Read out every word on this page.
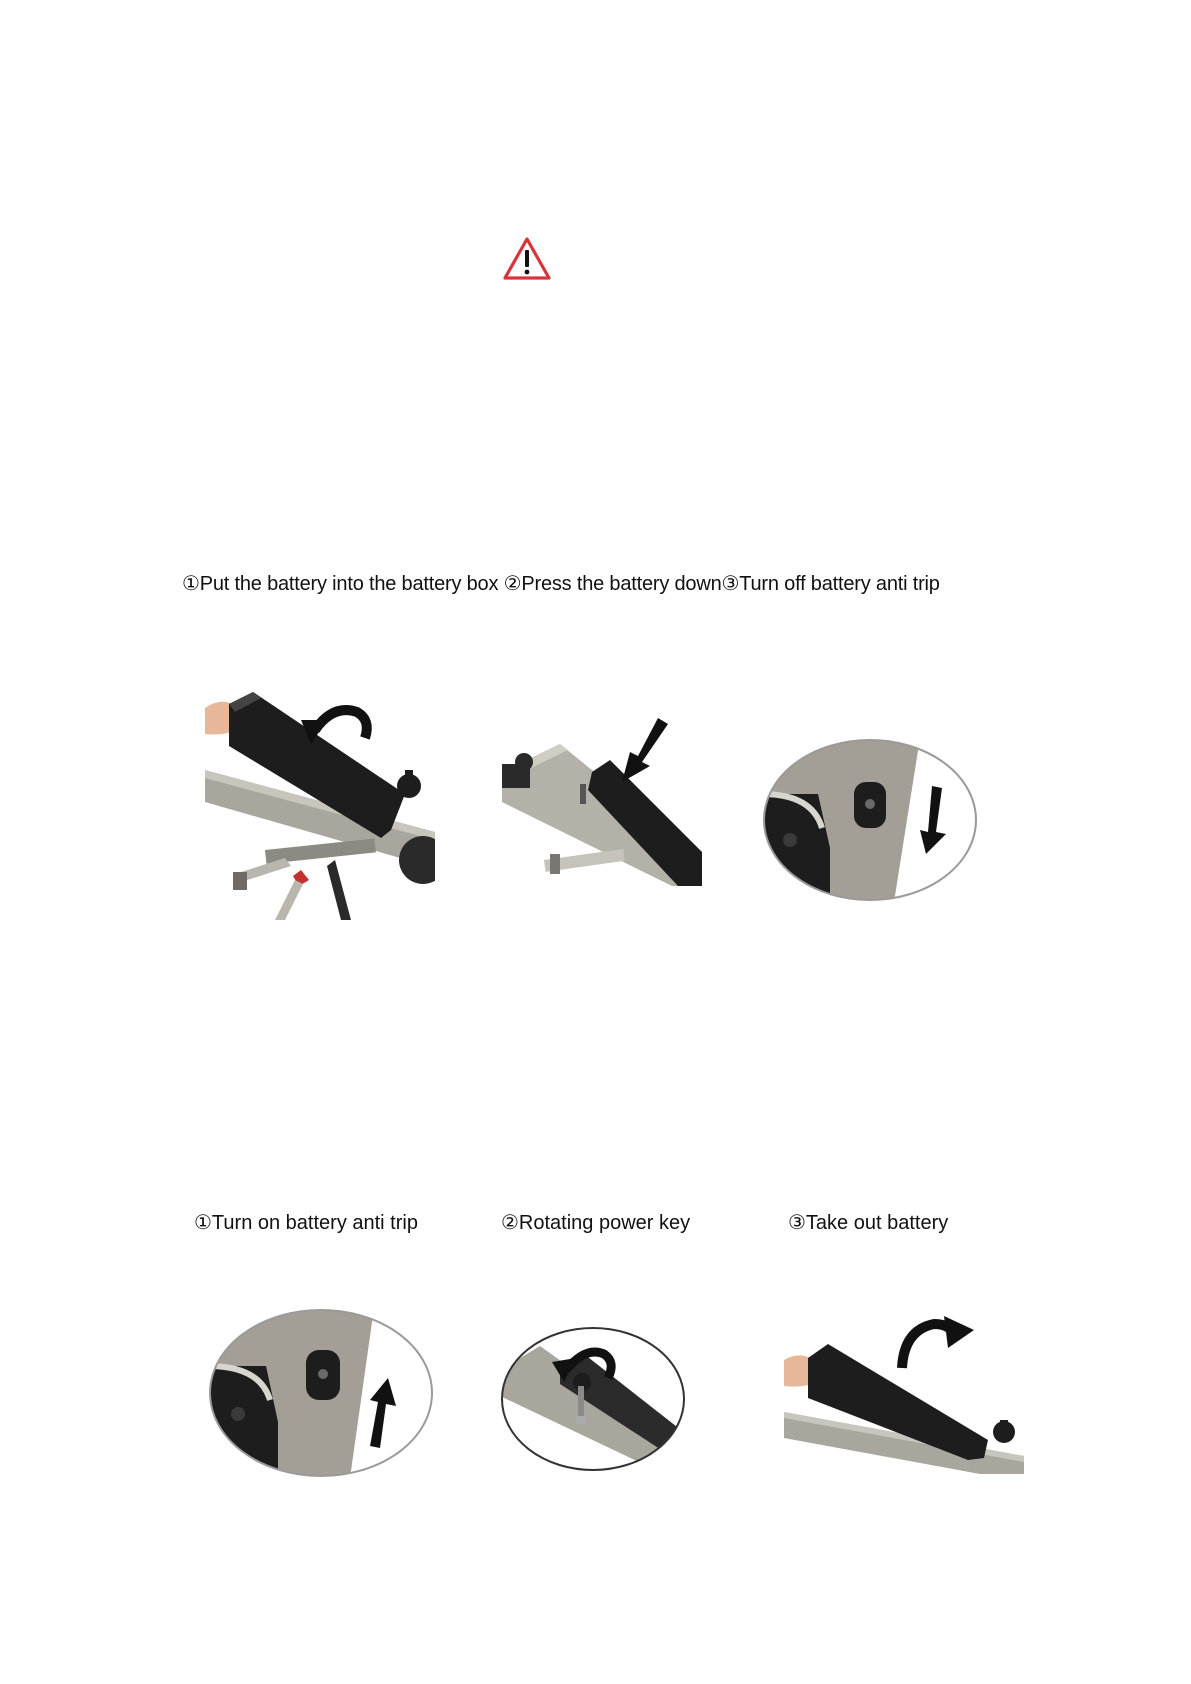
①Put the battery into the battery box ②Press the battery down③Turn off battery anti trip
①Turn on battery anti trip	②Rotating power key	③Take out battery
